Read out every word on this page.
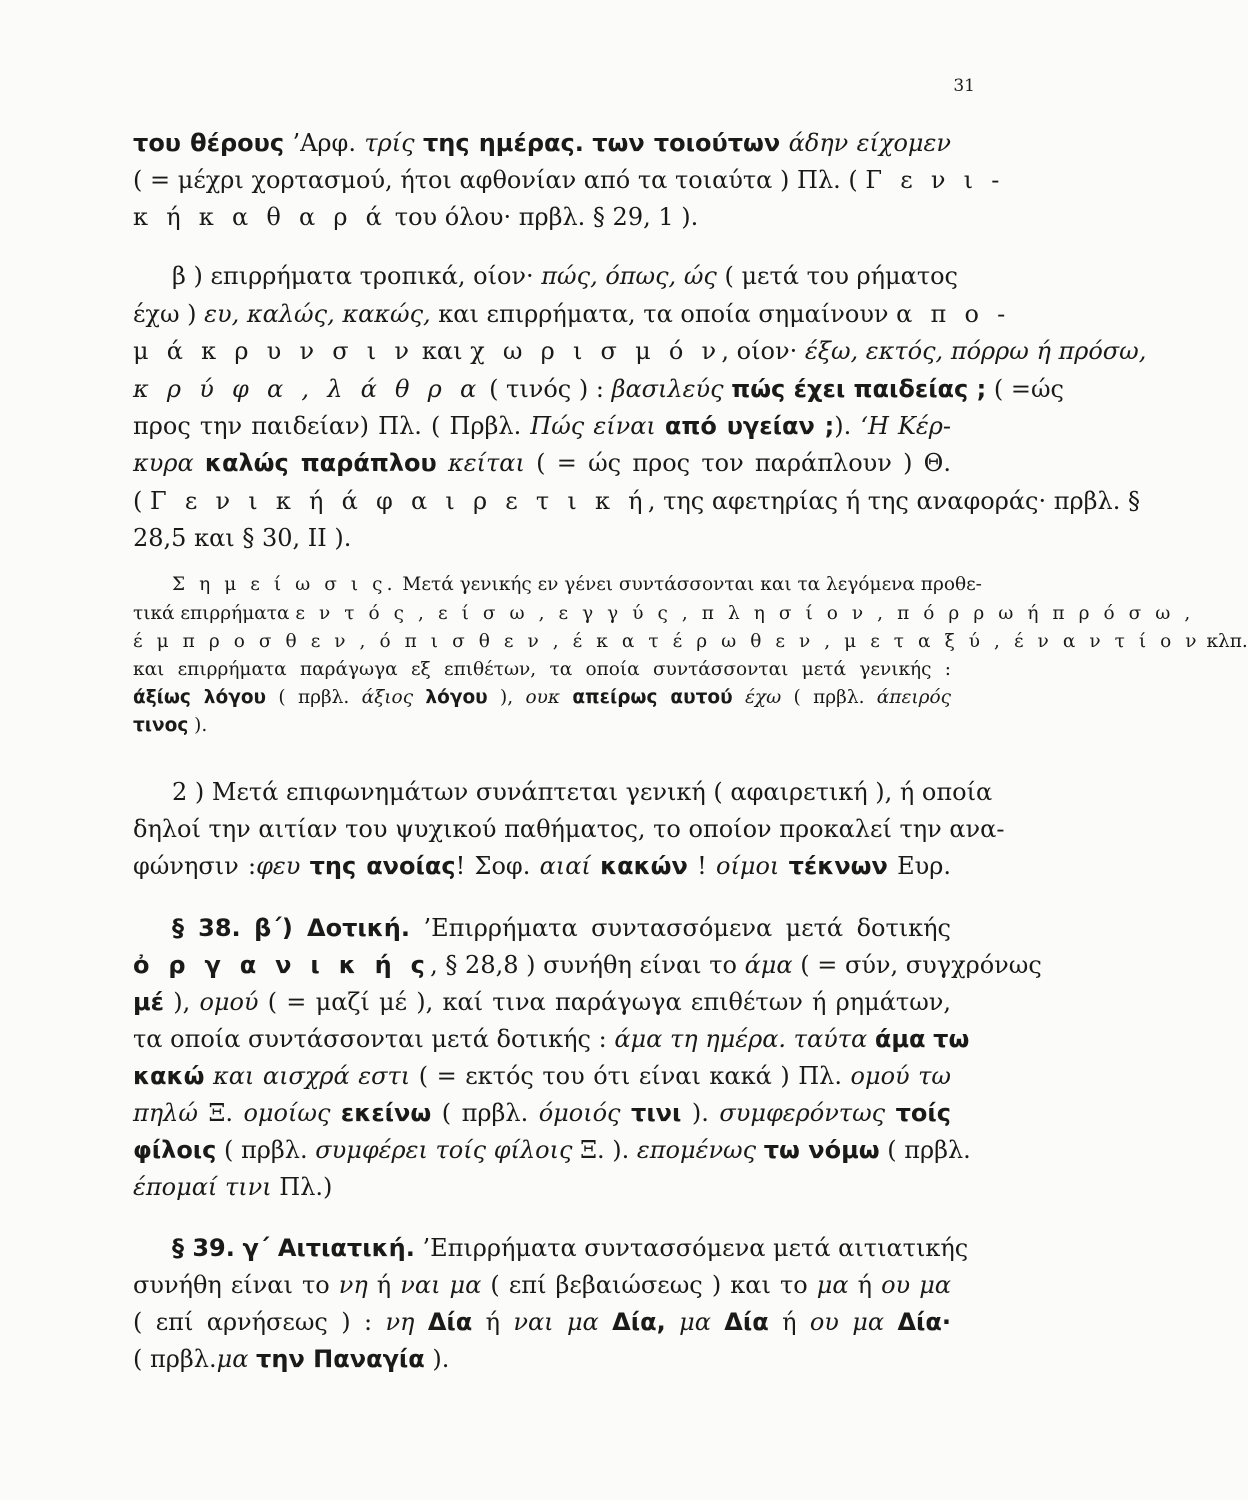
31
του θέρους ’Αρφ. τρίς της ημέρας. των τοιούτων άδην είχομεν
( = μέχρι χορτασμού, ήτοι αφθονίαν από τα τοιαύτα ) Πλ. ( Γ ε ν ι -
κ ή κ α θ α ρ ά του όλου· πρβλ. § 29, 1 ).
β ) επιρρήματα τροπικά, οίον· πώς, όπως, ώς ( μετά του ρήματος
έχω ) ευ, καλώς, κακώς, και επιρρήματα, τα οποία σημαίνουν α π ο -
μ ά κ ρ υ ν σ ι ν και χ ω ρ ι σ μ ό ν, οίον· έξω, εκτός, πόρρω ή πρόσω,
κ ρ ύ φ α , λ ά θ ρ α ( τινός ) : βασιλεύς πώς έχει παιδείας ; ( =ώς
προς την παιδείαν) Πλ. ( Πρβλ. Πώς είναι από υγείαν ;). ‘Η Κέρ-
κυρα καλώς παράπλου κείται ( = ώς προς τον παράπλουν ) Θ.
( Γ ε ν ι κ ή ά φ α ι ρ ε τ ι κ ή, της αφετηρίας ή της αναφοράς· πρβλ. §
28,5 και § 30, ΙΙ ).
Σ η μ ε ί ω σ ι ς. Μετά γενικής εν γένει συντάσσονται και τα λεγόμενα προθε-
τικά επιρρήματα ε ν τ ό ς , ε ί σ ω , ε γ γ ύ ς , π λ η σ ί ο ν , π ό ρ ρ ω ή π ρ ό σ ω ,
έ μ π ρ ο σ θ ε ν , ό π ι σ θ ε ν , έ κ α τ έ ρ ω θ ε ν , μ ε τ α ξ ύ , έ ν α ν τ ί ο ν κλπ.
και επιρρήματα παράγωγα εξ επιθέτων, τα οποία συντάσσονται μετά γενικής :
άξίως λόγου ( πρβλ. άξιος λόγου ), ουκ απείρως αυτού έχω ( πρβλ. άπειρός
τινος ).
2 ) Μετά επιφωνημάτων συνάπτεται γενική ( αφαιρετική ), ή οποία
δηλοί την αιτίαν του ψυχικού παθήματος, το οποίον προκαλεί την ανα-
φώνησιν :φευ της ανοίας! Σοφ. αιαί κακών ! οίμοι τέκνων Ευρ.
§ 38. β΄) Δοτική. ’Επιρρήματα συντασσόμενα μετά δοτικής
ὀ ρ γ α ν ι κ ή ς, § 28,8 ) συνήθη είναι το άμα ( = σύν, συγχρόνως
μέ ), ομού ( = μαζί μέ ), καί τινα παράγωγα επιθέτων ή ρημάτων,
τα οποία συντάσσονται μετά δοτικής : άμα τη ημέρα. ταύτα άμα τω
κακώ και αισχρά εστι ( = εκτός του ότι είναι κακά ) Πλ. ομού τω
πηλώ Ξ. ομοίως εκείνω ( πρβλ. όμοιός τινι ). συμφερόντως τοίς
φίλοις ( πρβλ. συμφέρει τοίς φίλοις Ξ. ). επομένως τω νόμω ( πρβλ.
έπομαί τινι Πλ.)
§ 39. γ΄ Αιτιατική. ’Επιρρήματα συντασσόμενα μετά αιτιατικής
συνήθη είναι το νη ή ναι μα ( επί βεβαιώσεως ) και το μα ή ου μα
( επί αρνήσεως ) : νη Δία ή ναι μα Δία, μα Δία ή ου μα Δία·
( πρβλ.μα την Παναγία ).
